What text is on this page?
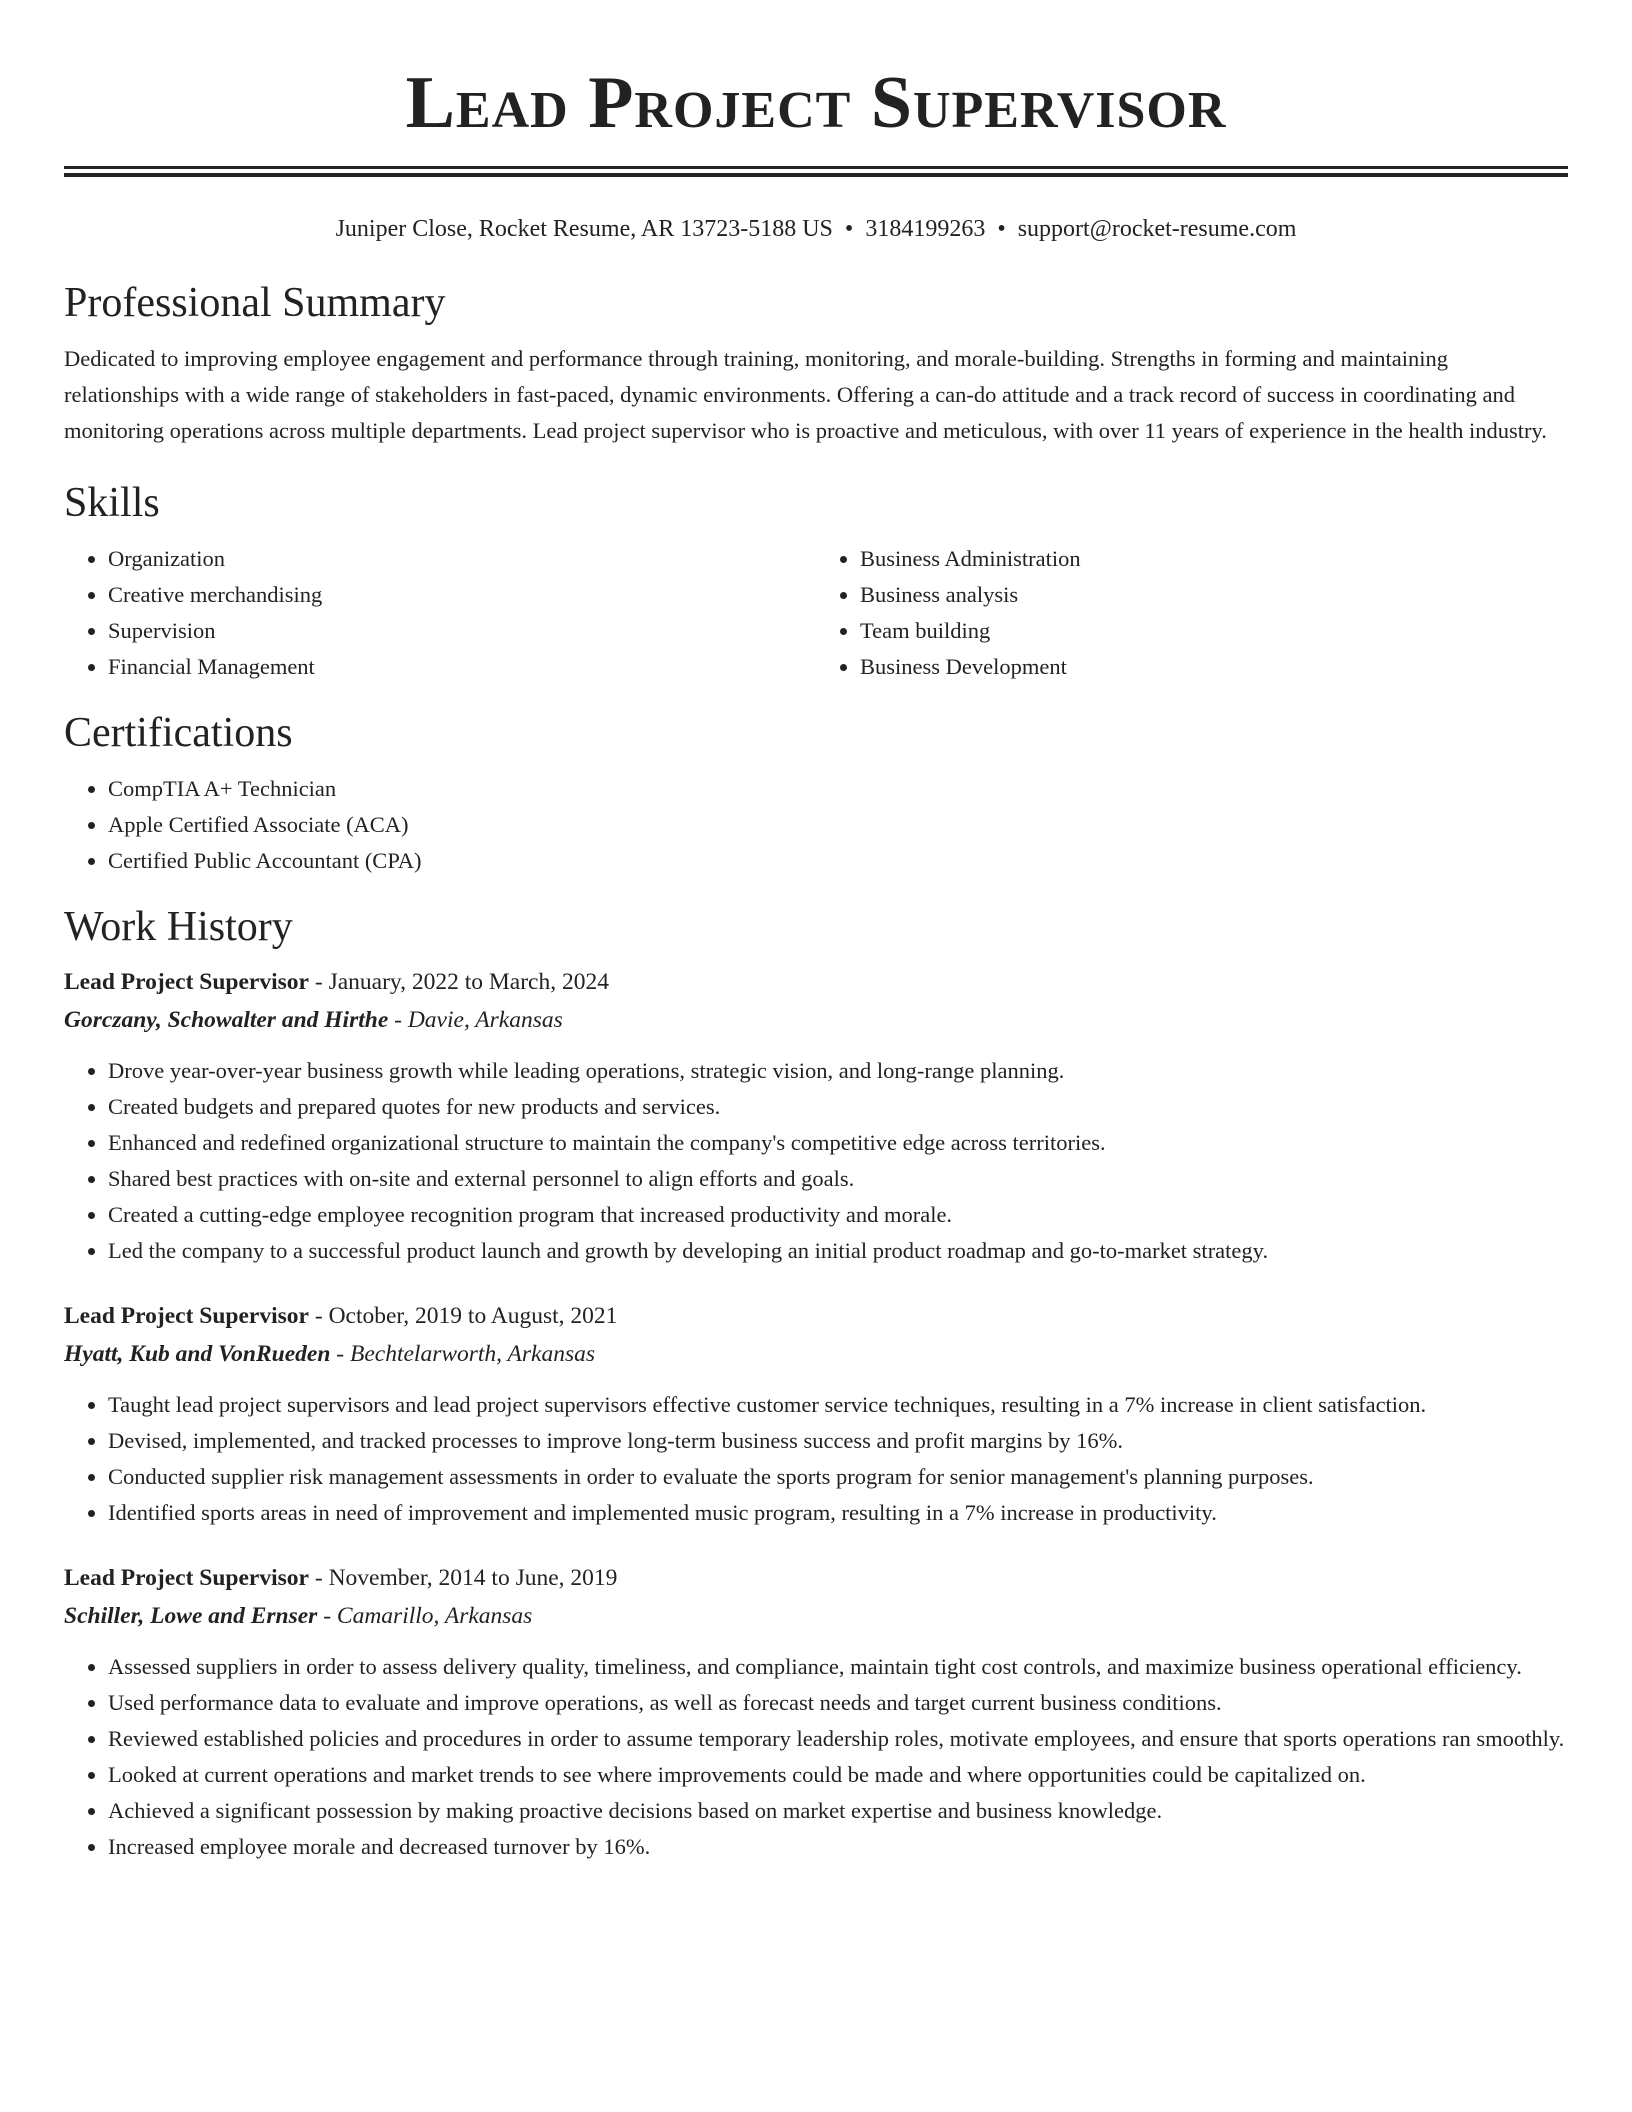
Lead Project Supervisor
Juniper Close, Rocket Resume, AR 13723-5188 US • 3184199263 • support@rocket-resume.com
Professional Summary

Dedicated to improving employee engagement and performance through training, monitoring, and morale-building. Strengths in forming and maintaining relationships with a wide range of stakeholders in fast-paced, dynamic environments. Offering a can-do attitude and a track record of success in coordinating and monitoring operations across multiple departments. Lead project supervisor who is proactive and meticulous, with over 11 years of experience in the health industry.

Skills
• Organization
• Creative merchandising
• Supervision
• Financial Management
• Business Administration
• Business analysis
• Team building
• Business Development
Certifications
• CompTIA A+ Technician
• Apple Certified Associate (ACA)
• Certified Public Accountant (CPA)
Work History
Lead Project Supervisor - January, 2022 to March, 2024
Gorczany, Schowalter and Hirthe - Davie, Arkansas
• Drove year-over-year business growth while leading operations, strategic vision, and long-range planning.
• Created budgets and prepared quotes for new products and services.
• Enhanced and redefined organizational structure to maintain the company's competitive edge across territories.
• Shared best practices with on-site and external personnel to align efforts and goals.
• Created a cutting-edge employee recognition program that increased productivity and morale.
• Led the company to a successful product launch and growth by developing an initial product roadmap and go-to-market strategy.
Lead Project Supervisor - October, 2019 to August, 2021
Hyatt, Kub and VonRueden - Bechtelarworth, Arkansas
• Taught lead project supervisors and lead project supervisors effective customer service techniques, resulting in a 7% increase in client satisfaction.
• Devised, implemented, and tracked processes to improve long-term business success and profit margins by 16%.
• Conducted supplier risk management assessments in order to evaluate the sports program for senior management's planning purposes.
• Identified sports areas in need of improvement and implemented music program, resulting in a 7% increase in productivity.
Lead Project Supervisor - November, 2014 to June, 2019
Schiller, Lowe and Ernser - Camarillo, Arkansas
• Assessed suppliers in order to assess delivery quality, timeliness, and compliance, maintain tight cost controls, and maximize business operational efficiency.
• Used performance data to evaluate and improve operations, as well as forecast needs and target current business conditions.
• Reviewed established policies and procedures in order to assume temporary leadership roles, motivate employees, and ensure that sports operations ran smoothly.
• Looked at current operations and market trends to see where improvements could be made and where opportunities could be capitalized on.
• Achieved a significant possession by making proactive decisions based on market expertise and business knowledge.
• Increased employee morale and decreased turnover by 16%.
